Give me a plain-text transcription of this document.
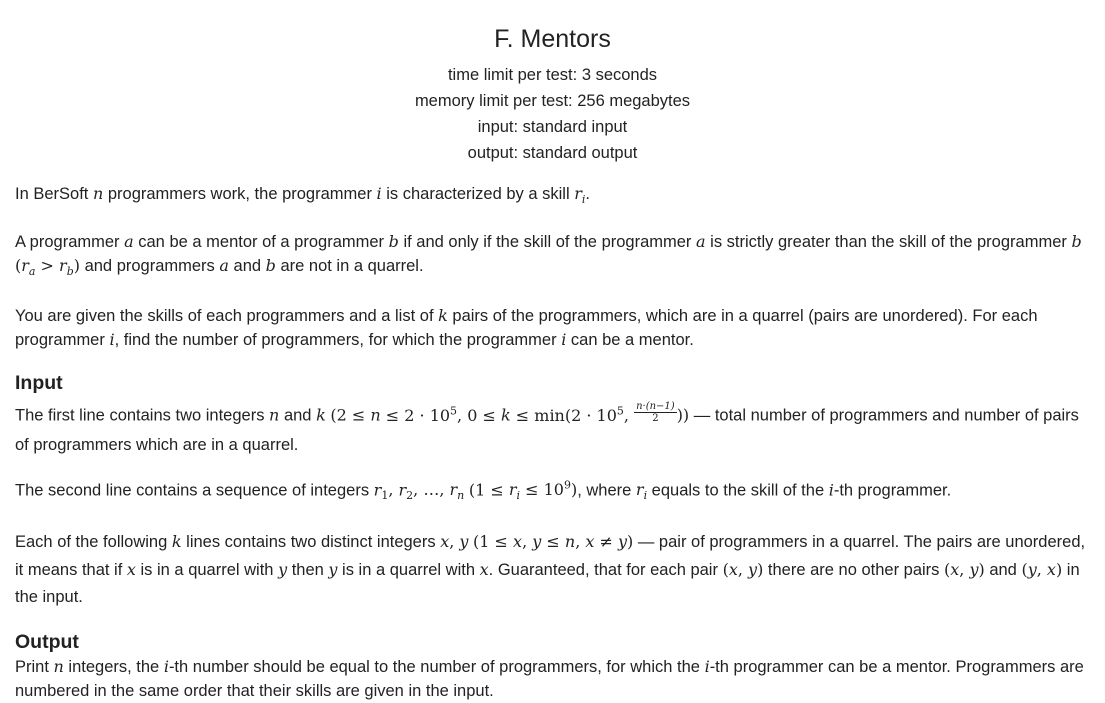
F. Mentors
time limit per test: 3 seconds
memory limit per test: 256 megabytes
input: standard input
output: standard output

In BerSoft n programmers work, the programmer i is characterized by a skill $r_i$.

A programmer a can be a mentor of a programmer b if and only if the skill of the programmer a is strictly greater than the skill of the programmer b $(r_a > r_b)$ and programmers a and b are not in a quarrel.

You are given the skills of each programmers and a list of k pairs of the programmers, which are in a quarrel (pairs are unordered). For each programmer i, find the number of programmers, for which the programmer i can be a mentor.

Input

The first line contains two integers n and k ($2 \le n \le 2 \cdot 10^5$, $0 \le k \le \min(2 \cdot 10^5$, $\frac{n\cdot(n-1)}{2}$ )) — total number of programmers and number of pairs of programmers which are in a quarrel.

The second line contains a sequence of integers $r_1$, $r_2$, …, $r_n$ $(1 \le r_i \le 10^9)$, where $r_i$ equals to the skill of the i-th programmer.

Each of the following k lines contains two distinct integers x, y (1 ≤ x, y ≤ n, x ≠ y) — pair of programmers in a quarrel. The pairs are unordered, it means that if x is in a quarrel with y then y is in a quarrel with x. Guaranteed, that for each pair (x, y) there are no other pairs (x, y) and (y, x) in the input.

Output

Print n integers, the i-th number should be equal to the number of programmers, for which the i-th programmer can be a mentor. Programmers are numbered in the same order that their skills are given in the input.
